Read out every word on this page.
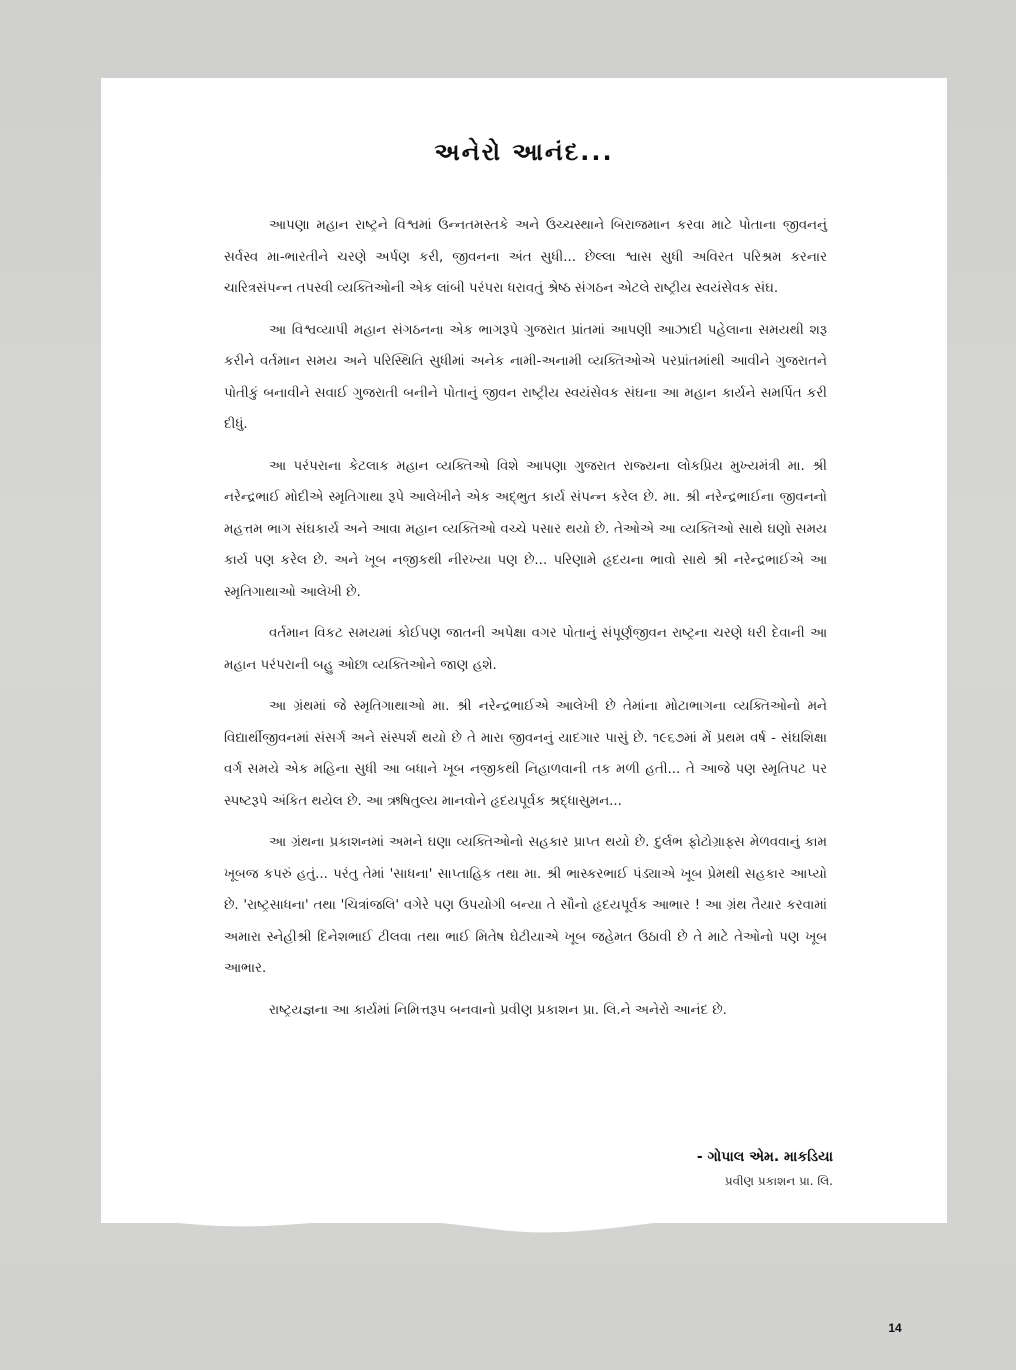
અનેરો આનંદ...

આપણા મહાન રાષ્ટ્રને વિશ્વમાં ઉન્નતમસ્તકે અને ઉચ્ચસ્થાને બિરાજમાન કરવા માટે પોતાના જીવનનું સર્વસ્વ મા-ભારતીને ચરણે અર્પણ કરી, જીવનના અંત સુધી... છેલ્લા શ્વાસ સુધી અવિરત પરિશ્રમ કરનાર ચારિત્રસંપન્ન તપસ્વી વ્યક્તિઓની એક લાંબી પરંપરા ધરાવતું શ્રેષ્ઠ સંગઠન એટલે રાષ્ટ્રીય સ્વયંસેવક સંઘ.

આ વિશ્વવ્યાપી મહાન સંગઠનના એક ભાગરૂપે ગુજરાત પ્રાંતમાં આપણી આઝાદી પહેલાના સમયથી શરૂ કરીને વર્તમાન સમય અને પરિસ્થિતિ સુધીમાં અનેક નામી-અનામી વ્યક્તિઓએ પરપ્રાંતમાંથી આવીને ગુજરાતને પોતીકું બનાવીને સવાઈ ગુજરાતી બનીને પોતાનું જીવન રાષ્ટ્રીય સ્વયંસેવક સંઘના આ મહાન કાર્યને સમર્પિત કરી દીધું.

આ પરંપરાના કેટલાક મહાન વ્યક્તિઓ વિશે આપણા ગુજરાત રાજ્યના લોકપ્રિય મુખ્યમંત્રી મા. શ્રી નરેન્દ્રભાઈ મોદીએ સ્મૃતિગાથા રૂપે આલેખીને એક અદ્ભુત કાર્ય સંપન્ન કરેલ છે. મા. શ્રી નરેન્દ્રભાઈના જીવનનો મહત્તમ ભાગ સંઘકાર્ય અને આવા મહાન વ્યક્તિઓ વચ્ચે પસાર થયો છે. તેઓએ આ વ્યક્તિઓ સાથે ઘણો સમય કાર્ય પણ કરેલ છે. અને ખૂબ નજીકથી નીરખ્યા પણ છે... પરિણામે હૃદયના ભાવો સાથે શ્રી નરેન્દ્રભાઈએ આ સ્મૃતિગાથાઓ આલેખી છે.

વર્તમાન વિકટ સમયમાં કોઈપણ જાતની અપેક્ષા વગર પોતાનું સંપૂર્ણજીવન રાષ્ટ્રના ચરણે ધરી દેવાની આ મહાન પરંપરાની બહુ ઓછા વ્યક્તિઓને જાણ હશે.

આ ગ્રંથમાં જે સ્મૃતિગાથાઓ મા. શ્રી નરેન્દ્રભાઈએ આલેખી છે તેમાંના મોટાભાગના વ્યક્તિઓનો મને વિદ્યાર્થીજીવનમાં સંસર્ગ અને સંસ્પર્શ થયો છે તે મારા જીવનનું યાદગાર પાસું છે. ૧૯૬૭માં મેં પ્રથમ વર્ષ - સંઘશિક્ષા વર્ગ સમયે એક મહિના સુધી આ બધાને ખૂબ નજીકથી નિહાળવાની તક મળી હતી... તે આજે પણ સ્મૃતિપટ પર સ્પષ્ટરૂપે અંકિત થયેલ છે. આ ઋષિતુલ્ય માનવોને હૃદયપૂર્વક શ્રદ્ધાસુમન...

આ ગ્રંથના પ્રકાશનમાં અમને ઘણા વ્યક્તિઓનો સહકાર પ્રાપ્ત થયો છે. દુર્લભ ફોટોગ્રાફ્સ મેળવવાનું કામ ખૂબજ કપરું હતું... પરંતુ તેમાં 'સાધના' સાપ્તાહિક તથા મા. શ્રી ભાસ્કરભાઈ પંડ્યાએ ખૂબ પ્રેમથી સહકાર આપ્યો છે. 'રાષ્ટ્રસાધના' તથા 'ચિત્રાંજલિ' વગેરે પણ ઉપયોગી બન્યા તે સૌનો હૃદયપૂર્વક આભાર ! આ ગ્રંથ તૈયાર કરવામાં અમારા સ્નેહીશ્રી દિનેશભાઈ ટીલવા તથા ભાઈ મિતેષ ઘેટીયાએ ખૂબ જહેમત ઉઠાવી છે તે માટે તેઓનો પણ ખૂબ આભાર.

રાષ્ટ્રયજ્ઞના આ કાર્યમાં નિમિત્તરૂપ બનવાનો પ્રવીણ પ્રકાશન પ્રા. લિ.ને અનેરો આનંદ છે.

- ગોપાલ એમ. માકડિયા
પ્રવીણ પ્રકાશન પ્રા. લિ.
14
